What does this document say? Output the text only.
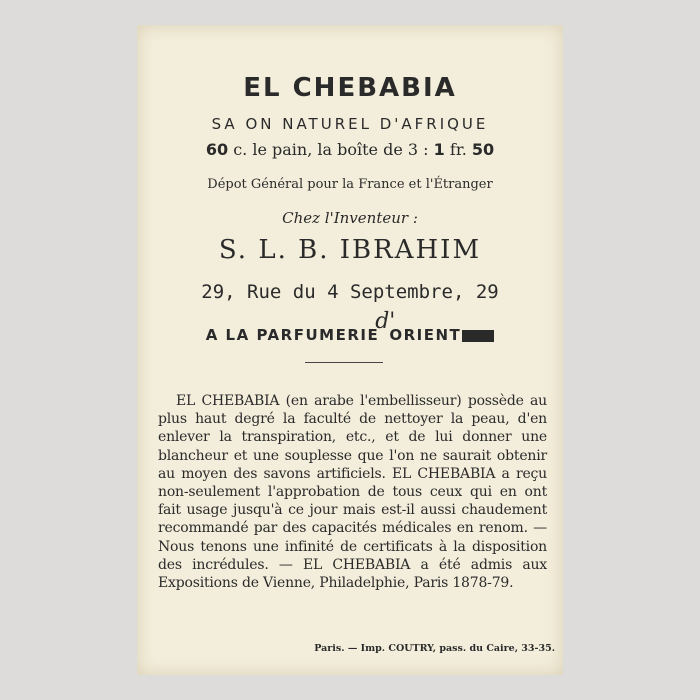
EL CHEBABIA
SA ON NATUREL D'AFRIQUE
60 c. le pain, la boîte de 3 : 1 fr. 50
Dépot Général pour la France et l'Étranger
Chez l'Inventeur :
S. L. B. IBRAHIM
29, Rue du 4 Septembre, 29
A LA PARFUMERIEd'ORIENT
EL CHEBABIA (en arabe l'embellisseur) possède au plus haut degré la faculté de nettoyer la peau, d'en enlever la transpiration, etc., et de lui donner une blancheur et une souplesse que l'on ne saurait obtenir au moyen des savons artificiels. EL CHEBABIA a reçu non-seulement l'approbation de tous ceux qui en ont fait usage jusqu'à ce jour mais est-il aussi chaudement recommandé par des capacités médicales en renom. — Nous tenons une infinité de certificats à la disposition des incrédules. — EL CHEBABIA a été admis aux Expositions de Vienne, Philadelphie, Paris 1878-79.
Paris. — Imp. COUTRY, pass. du Caire, 33-35.
